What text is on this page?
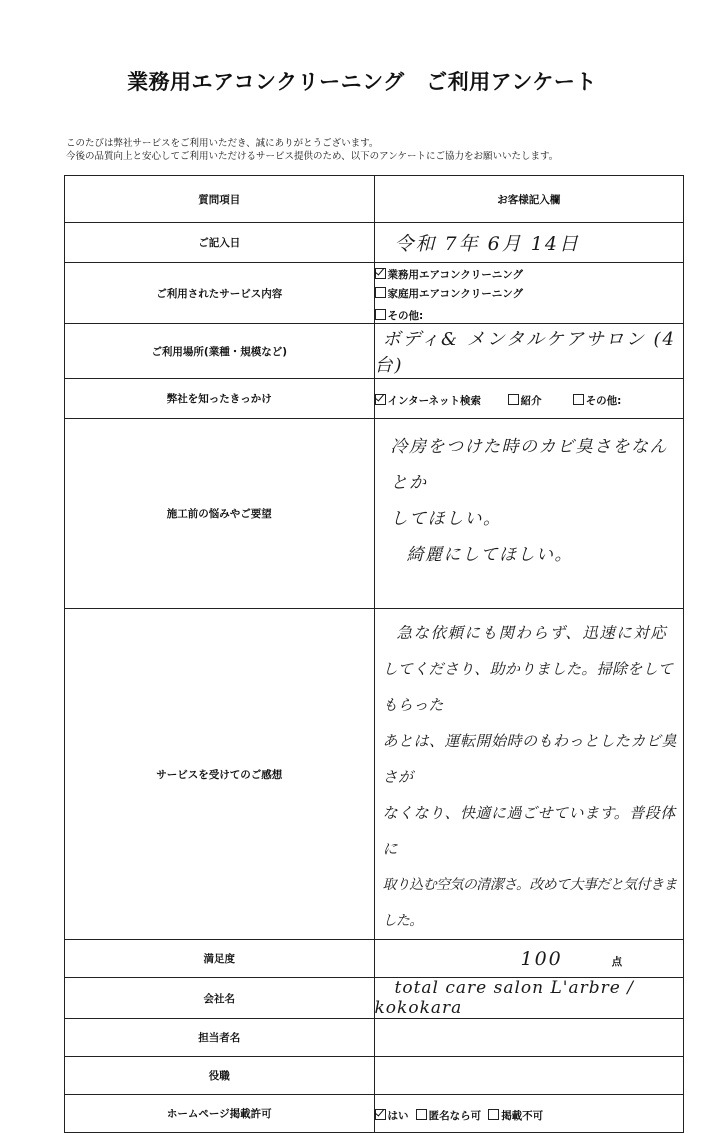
業務用エアコンクリーニング　ご利用アンケート
このたびは弊社サービスをご利用いただき、誠にありがとうございます。
今後の品質向上と安心してご利用いただけるサービス提供のため、以下のアンケートにご協力をお願いいたします。
質問項目	お客様記入欄
ご記入日	令和 7年 6月 14日
ご利用されたサービス内容	業務用エアコンクリーニング 家庭用エアコンクリーニング
その他:

ご利用場所(業種・規模など)	ボディ& メンタルケアサロン (4台)
弊社を知ったきっかけ	インターネット検索 紹介 その他:
施工前の悩みやご要望	冷房をつけた時のカビ臭さをなんとか
してほしい。
綺麗にしてほしい。

サービスを受けてのご感想	急な依頼にも関わらず、迅速に対応
してくださり、助かりました。掃除をしてもらった
あとは、運転開始時のもわっとしたカビ臭さが
なくなり、快適に過ごせています。普段体に
取り込む空気の清潔さ。改めて大事だと気付きました。

満足度	100 点
会社名	total care salon L'arbre / kokokara
担当者名	
役職	
ホームページ掲載許可	はい 匿名なら可 掲載不可
